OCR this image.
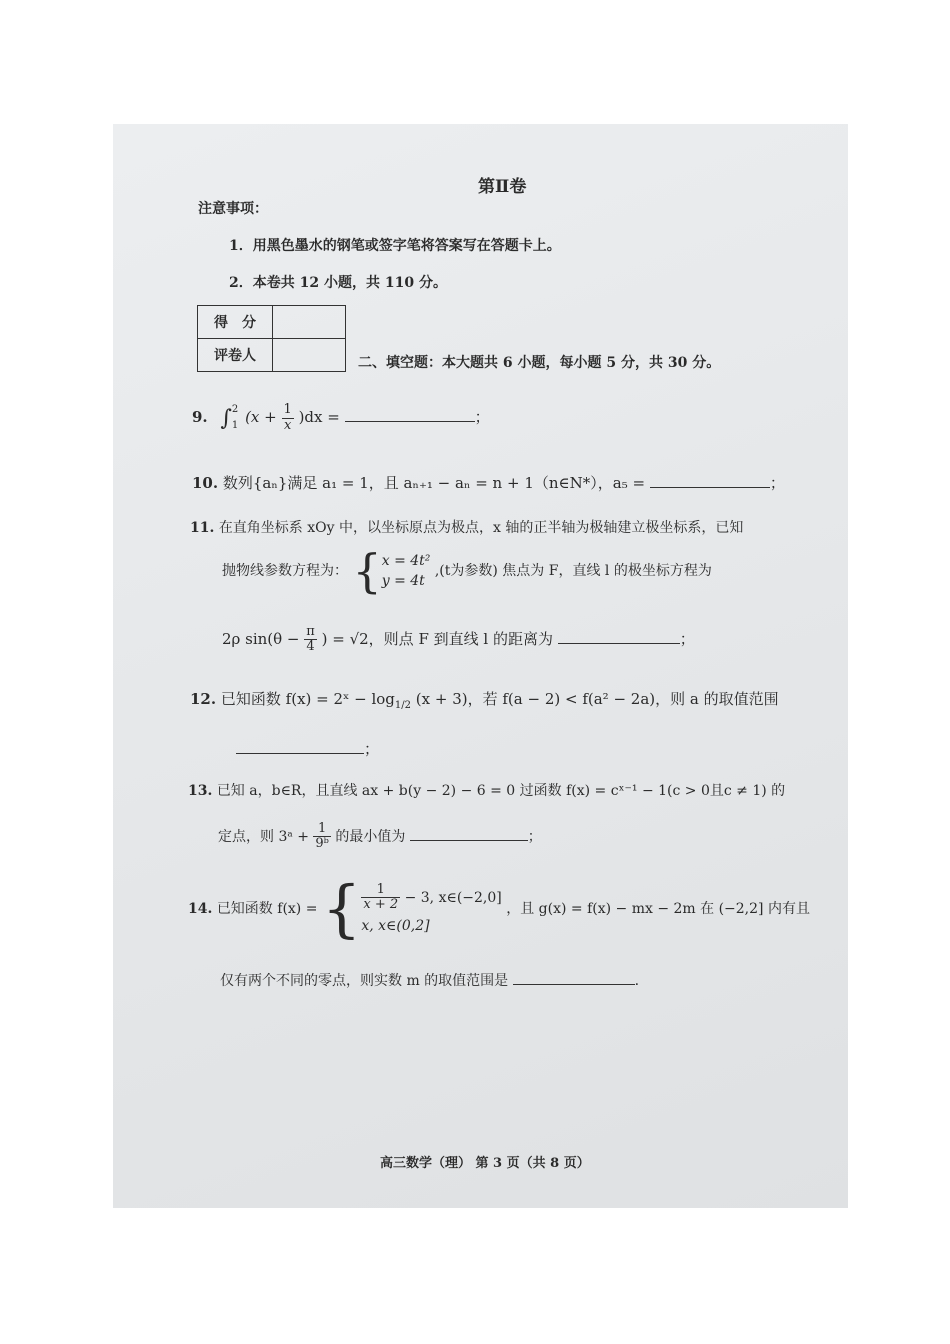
第Ⅱ卷
注意事项：
1．用黑色墨水的钢笔或签字笔将答案写在答题卡上。
2．本卷共 12 小题，共 110 分。
得　分	
评卷人		二、填空题：本大题共 6 小题，每小题 5 分，共 30 分。
9. ∫ 2
1 $(x + \frac{1}{x} )dx$ =	；
10. 数列{aₙ}满足 a₁ = 1，且 aₙ₊₁ − aₙ = n + 1（n∈N*），a₅ =	；
11. 在直角坐标系 xOy 中，以坐标原点为极点，x 轴的正半轴为极轴建立极坐标系，已知
抛物线参数方程为： { x = 4t²
y = 4t
,(t为参数) 焦点为 F，直线 l 的极坐标方程为
2ρ $\sin(\theta - \frac{\pi}{4}$ ) = √2，则点 F 到直线 l 的距离为	；
12. 已知函数 f(x) = 2ˣ − $\log_{1/2} (x + 3)$，若 f(a − 2) < f(a² − 2a)，则 a 的取值范围
；
13. 已知 a，b∈R，且直线 ax + b(y − 2) − 6 = 0 过函数 f(x) = cˣ⁻¹ − 1(c > 0且c ≠ 1) 的
定点，则 3ᵃ + $\frac{1}{\text{9ᵇ}}$ 的最小值为	；
14. 已知函数 f(x) = { $\frac{1}{x + 2} - 3$, x∈(−2,0]
x, x∈(0,2]
，且 g(x) = f(x) − mx − 2m 在 (−2,2] 内有且
仅有两个不同的零点，则实数 m 的取值范围是	.
高三数学（理） 第 3 页（共 8 页）
